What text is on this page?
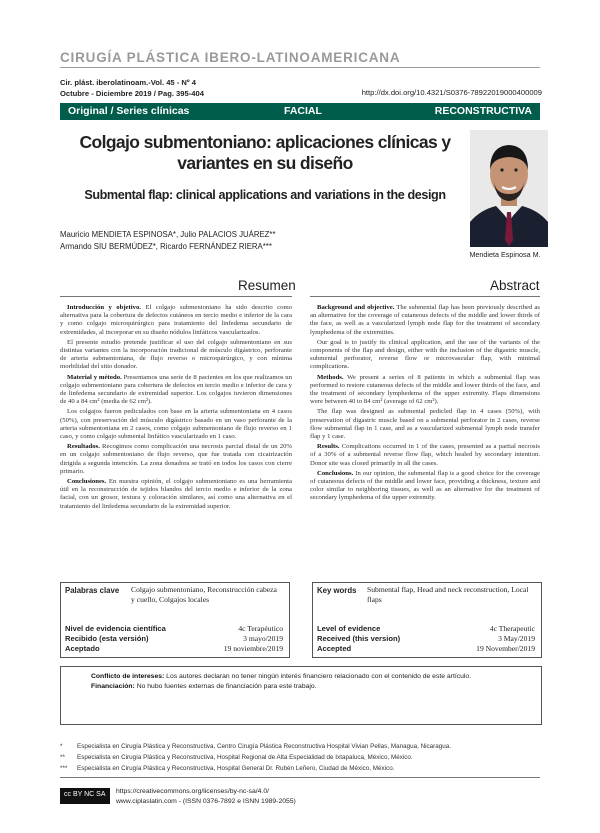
CIRUGÍA PLÁSTICA IBERO-LATINOAMERICANA
Cir. plást. iberolatinoam.-Vol. 45 - Nº 4
Octubre - Diciembre 2019 / Pag. 395-404	http://dx.doi.org/10.4321/S0376-78922019000400009
Original / Series clínicas	FACIAL	RECONSTRUCTIVA
Colgajo submentoniano: aplicaciones clínicas y
variantes en su diseño
Submental flap: clinical applications and variations in the design
Mendieta Espinosa M.
Mauricio MENDIETA ESPINOSA*, Julio PALACIOS JUÁREZ**
Armando SIU BERMÚDEZ*, Ricardo FERNÁNDEZ RIERA***
Resumen	Abstract

Introducción y objetivo. El colgajo submentoniano ha sido descrito como alternativa para la cobertura de defectos cutáneos en tercio medio e inferior de la cara y como colgajo microquirúrgico para tratamiento del linfedema secundario de extremidades, al incorporar en su diseño nódulos linfáticos vascularizados.

El presente estudio pretende justificar el uso del colgajo submentoniano en sus distintas variantes con la incorporación tradicional de músculo digástrico, perforante de arteria submentoniana, de flujo reverso o microquirúrgico, y con mínima morbilidad del sitio donador.

Material y método. Presentamos una serie de 8 pacientes en los que realizamos un colgajo submentoniano para cobertura de defectos en tercio medio e inferior de cara y de linfedema secundario de extremidad superior. Los colgajos tuvieron dimensiones de 40 a 84 cm² (media de 62 cm²).

Los colgajos fueron pediculados con base en la arteria submentoniana en 4 casos (50%), con preservación del músculo digástrico basado en un vaso perforante de la arteria submentoniana en 2 casos, como colgajo submentoniano de flujo reverso en 1 caso, y como colgajo submental linfático vascularizado en 1 caso.

Resultados. Recogimos como complicación una necrosis parcial distal de un 20% en un colgajo submentoniano de flujo reverso, que fue tratada con cicatrización dirigida a segunda intención. La zona donadora se trató en todos los casos con cierre primario.

Conclusiones. En nuestra opinión, el colgajo submentoniano es una herramienta útil en la reconstrucción de tejidos blandos del tercio medio e inferior de la zona facial, con un grosor, textura y coloración similares, así como una alternativa en el tratamiento del linfedema secundario de la extremidad superior.

Background and objective. The submental flap has been previously described as an alternative for the coverage of cutaneous defects of the middle and lower thirds of the face, as well as a vascularized lymph node flap for the treatment of secondary lymphedema of the extremities.

Our goal is to justify its clinical application, and the use of the variants of the components of the flap and design, either with the inclusion of the digastric muscle, submental perforator, reverse flow or microvascular flap, with minimal complications.

Methods. We present a series of 8 patients in which a submental flap was performed to restore cutaneous defects of the middle and lower thirds of the face, and the treatment of secondary lymphedema of the upper extremity. Flaps dimensions were between 40 to 84 cm² (average of 62 cm²).

The flap was designed as submental pedicled flap in 4 cases (50%), with preservation of digastric muscle based on a submental perforator in 2 cases, reverse flow submental flap in 1 case, and as a vascularized submental lymph node transfer flap y 1 case.

Results. Complications occurred in 1 of the cases, presented as a partial necrosis of a 30% of a submental reverse flow flap, which healed by secondary intention. Donor site was closed primarily in all the cases.

Conclusions. In our opinion, the submental flap is a good choice for the coverage of cutaneous defects of the middle and lower face, providing a thickness, texture and color similar to neighboring tissues, as well as an alternative for the treatment of secondary lymphedema of the upper extremity.

Palabras clave Colgajo submentoniano, Reconstrucción cabeza y cuello, Colgajos locales
Nivel de evidencia científica	4c Terapéutico
Recibido (esta versión)	3 mayo/2019
Aceptado	19 noviembre/2019
Key words Submental flap, Head and neck reconstruction, Local flaps
Level of evidence	4c Therapeutic
Received (this version)	3 May/2019
Accepted	19 November/2019
Conflicto de intereses: Los autores declaran no tener ningún interés financiero relacionado con el contenido de este artículo.
Financiación: No hubo fuentes externas de financiación para este trabajo.
* Especialista en Cirugía Plástica y Reconstructiva, Centro Cirugía Plástica Reconstructiva Hospital Vivian Pellas, Managua, Nicaragua.
** Especialista en Cirugía Plástica y Reconstructiva, Hospital Regional de Alta Especialidad de Ixtapaluca, México, México.
*** Especialista en Cirugía Plástica y Reconstructiva, Hospital General Dr. Rubén Leñero, Ciudad de México, México.
cc BY NC SA https://creativecommons.org/licenses/by-nc-sa/4.0/
www.ciplaslatin.com - (ISSN 0376-7892 e ISNN 1989-2055)
